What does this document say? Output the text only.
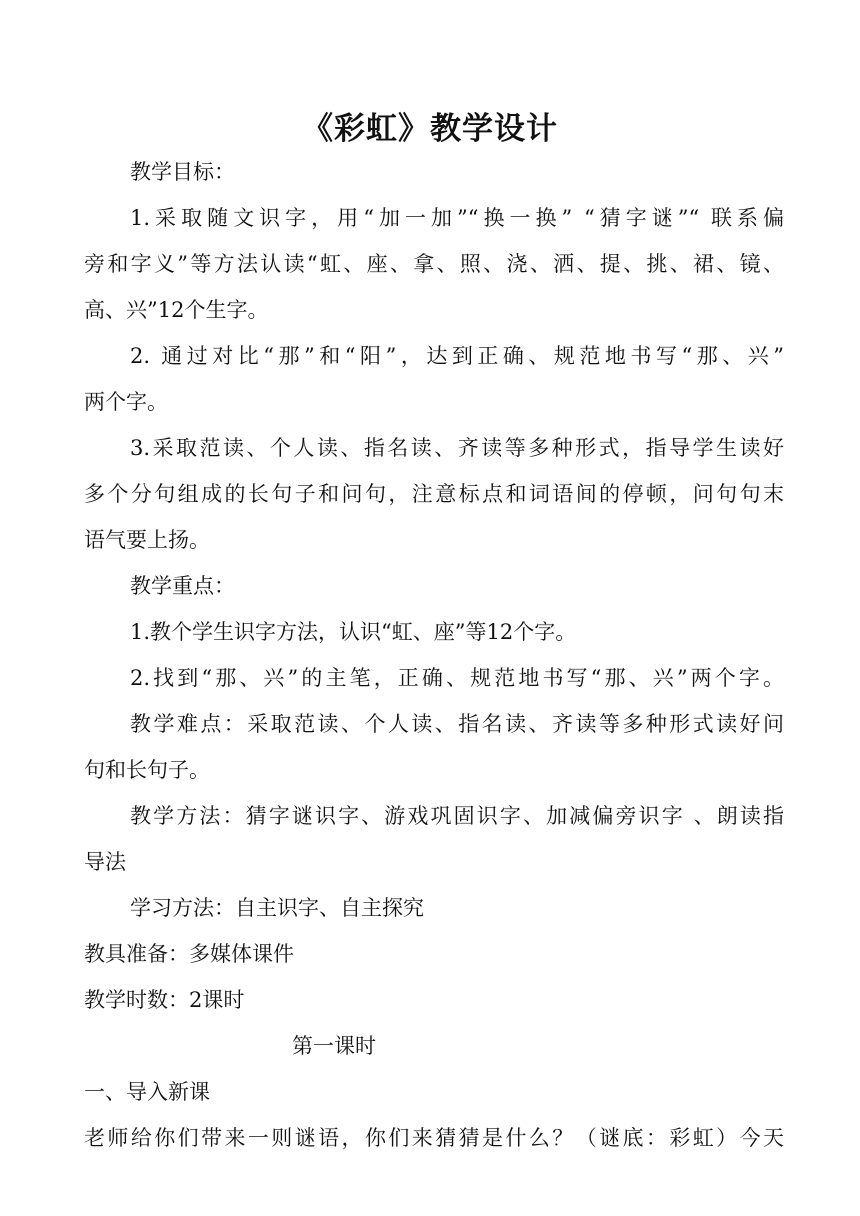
《彩虹》教学设计
教学目标：
1.采取随文识字，用“加一加”“换一换” “猜字谜”“ 联系偏
旁和字义”等方法认读“虹、座、拿、照、浇、洒、提、挑、裙、镜、
高、兴”12个生字。
2. 通过对比“那”和“阳”，达到正确、规范地书写“那、兴”
两个字。
3.采取范读、个人读、指名读、齐读等多种形式，指导学生读好
多个分句组成的长句子和问句，注意标点和词语间的停顿，问句句末
语气要上扬。
教学重点：
1.教个学生识字方法，认识“虹、座”等12个字。
2.找到“那、兴”的主笔，正确、规范地书写“那、兴”两个字。
教学难点：采取范读、个人读、指名读、齐读等多种形式读好问
句和长句子。
教学方法：猜字谜识字、游戏巩固识字、加减偏旁识字 、朗读指
导法
学习方法：自主识字、自主探究
教具准备：多媒体课件
教学时数：2课时
第一课时
一、导入新课
老师给你们带来一则谜语，你们来猜猜是什么？（谜底：彩虹）今天
